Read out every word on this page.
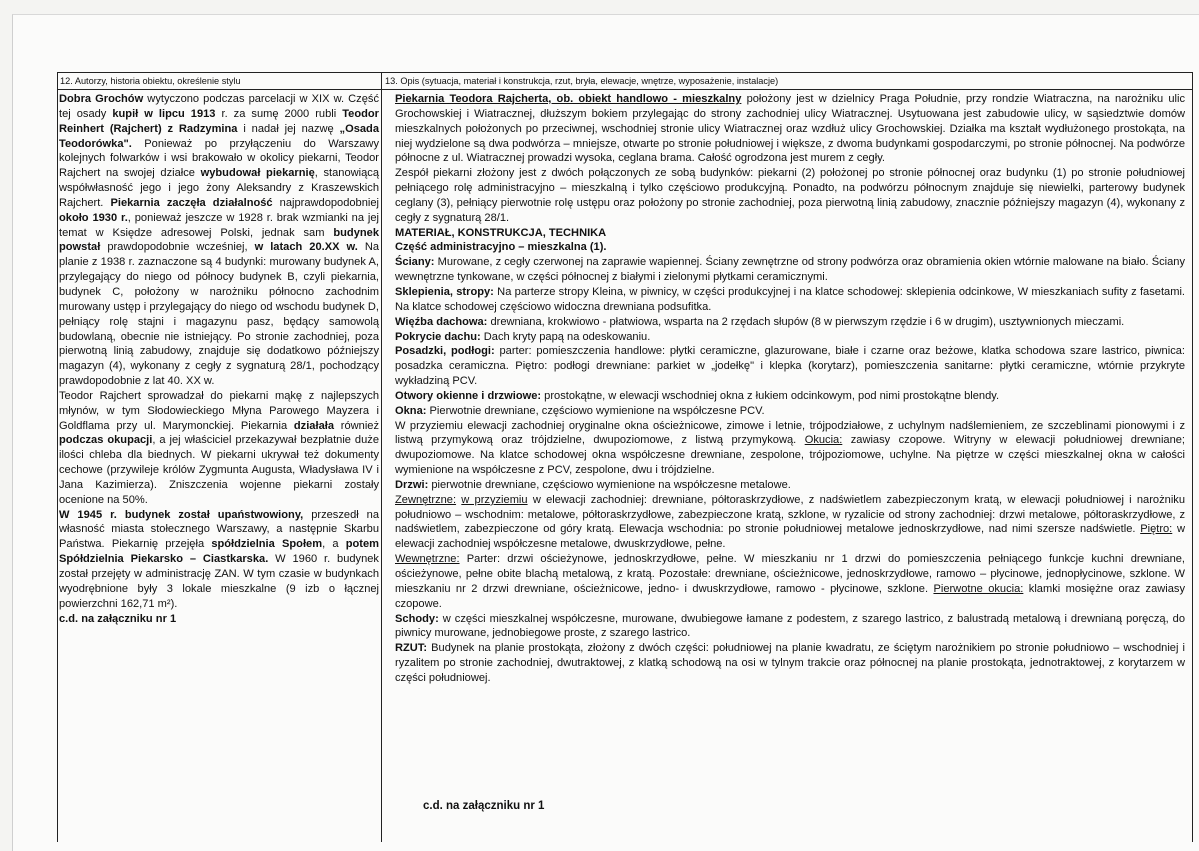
12. Autorzy, historia obiektu, określenie stylu	13. Opis (sytuacja, materiał i konstrukcja, rzut, bryła, elewacje, wnętrze, wyposażenie, instalacje)

Dobra Grochów wytyczono podczas parcelacji w XIX w. Część tej osady kupił w lipcu 1913 r. za sumę 2000 rubli Teodor Reinhert (Rajchert) z Radzymina i nadał jej nazwę „Osada Teodorówka". Ponieważ po przyłączeniu do Warszawy kolejnych folwarków i wsi brakowało w okolicy piekarni, Teodor Rajchert na swojej działce wybudował piekarnię, stanowiącą współwłasność jego i jego żony Aleksandry z Kraszewskich Rajchert. Piekarnia zaczęła działalność najprawdopodobniej około 1930 r., ponieważ jeszcze w 1928 r. brak wzmianki na jej temat w Księdze adresowej Polski, jednak sam budynek powstał prawdopodobnie wcześniej, w latach 20.XX w. Na planie z 1938 r. zaznaczone są 4 budynki: murowany budynek A, przylegający do niego od północy budynek B, czyli piekarnia, budynek C, położony w narożniku północno zachodnim murowany ustęp i przylegający do niego od wschodu budynek D, pełniący rolę stajni i magazynu pasz, będący samowolą budowlaną, obecnie nie istniejący. Po stronie zachodniej, poza pierwotną linią zabudowy, znajduje się dodatkowo późniejszy magazyn (4), wykonany z cegły z sygnaturą 28/1, pochodzący prawdopodobnie z lat 40. XX w.

Teodor Rajchert sprowadzał do piekarni mąkę z najlepszych młynów, w tym Słodowieckiego Młyna Parowego Mayzera i Goldflama przy ul. Marymonckiej. Piekarnia działała również podczas okupacji, a jej właściciel przekazywał bezpłatnie duże ilości chleba dla biednych. W piekarni ukrywał też dokumenty cechowe (przywileje królów Zygmunta Augusta, Władysława IV i Jana Kazimierza). Zniszczenia wojenne piekarni zostały ocenione na 50%.

W 1945 r. budynek został upaństwowiony, przeszedł na własność miasta stołecznego Warszawy, a następnie Skarbu Państwa. Piekarnię przejęła spółdzielnia Społem, a potem Spółdzielnia Piekarsko – Ciastkarska. W 1960 r. budynek został przejęty w administrację ZAN. W tym czasie w budynkach wyodrębnione były 3 lokale mieszkalne (9 izb o łącznej powierzchni 162,71 m²).

c.d. na załączniku nr 1

Piekarnia Teodora Rajcherta, ob. obiekt handlowo - mieszkalny położony jest w dzielnicy Praga Południe, przy rondzie Wiatraczna, na narożniku ulic Grochowskiej i Wiatracznej, dłuższym bokiem przylegając do strony zachodniej ulicy Wiatracznej. Usytuowana jest zabudowie ulicy, w sąsiedztwie domów mieszkalnych położonych po przeciwnej, wschodniej stronie ulicy Wiatracznej oraz wzdłuż ulicy Grochowskiej. Działka ma kształt wydłużonego prostokąta, na niej wydzielone są dwa podwórza – mniejsze, otwarte po stronie południowej i większe, z dwoma budynkami gospodarczymi, po stronie północnej. Na podwórze północne z ul. Wiatracznej prowadzi wysoka, ceglana brama. Całość ogrodzona jest murem z cegły.

Zespół piekarni złożony jest z dwóch połączonych ze sobą budynków: piekarni (2) położonej po stronie północnej oraz budynku (1) po stronie południowej pełniącego rolę administracyjno – mieszkalną i tylko częściowo produkcyjną. Ponadto, na podwórzu północnym znajduje się niewielki, parterowy budynek ceglany (3), pełniący pierwotnie rolę ustępu oraz położony po stronie zachodniej, poza pierwotną linią zabudowy, znacznie późniejszy magazyn (4), wykonany z cegły z sygnaturą 28/1.

MATERIAŁ, KONSTRUKCJA, TECHNIKA

Część administracyjno – mieszkalna (1).

Ściany: Murowane, z cegły czerwonej na zaprawie wapiennej. Ściany zewnętrzne od strony podwórza oraz obramienia okien wtórnie malowane na biało. Ściany wewnętrzne tynkowane, w części północnej z białymi i zielonymi płytkami ceramicznymi.

Sklepienia, stropy: Na parterze stropy Kleina, w piwnicy, w części produkcyjnej i na klatce schodowej: sklepienia odcinkowe, W mieszkaniach sufity z fasetami. Na klatce schodowej częściowo widoczna drewniana podsufitka.

Więźba dachowa: drewniana, krokwiowo - płatwiowa, wsparta na 2 rzędach słupów (8 w pierwszym rzędzie i 6 w drugim), usztywnionych mieczami.

Pokrycie dachu: Dach kryty papą na odeskowaniu.

Posadzki, podłogi: parter: pomieszczenia handlowe: płytki ceramiczne, glazurowane, białe i czarne oraz beżowe, klatka schodowa szare lastrico, piwnica: posadzka ceramiczna. Piętro: podłogi drewniane: parkiet w „jodełkę" i klepka (korytarz), pomieszczenia sanitarne: płytki ceramiczne, wtórnie przykryte wykładziną PCV.

Otwory okienne i drzwiowe: prostokątne, w elewacji wschodniej okna z łukiem odcinkowym, pod nimi prostokątne blendy.

Okna: Pierwotnie drewniane, częściowo wymienione na współczesne PCV.

W przyziemiu elewacji zachodniej oryginalne okna ościeżnicowe, zimowe i letnie, trójpodziałowe, z uchylnym nadślemieniem, ze szczeblinami pionowymi i z listwą przymykową oraz trójdzielne, dwupoziomowe, z listwą przymykową. Okucia: zawiasy czopowe. Witryny w elewacji południowej drewniane; dwupoziomowe. Na klatce schodowej okna współczesne drewniane, zespolone, trójpoziomowe, uchylne. Na piętrze w części mieszkalnej okna w całości wymienione na współczesne z PCV, zespolone, dwu i trójdzielne.

Drzwi: pierwotnie drewniane, częściowo wymienione na współczesne metalowe.

Zewnętrzne: w przyziemiu w elewacji zachodniej: drewniane, półtoraskrzydłowe, z nadświetlem zabezpieczonym kratą, w elewacji południowej i narożniku południowo – wschodnim: metalowe, półtoraskrzydłowe, zabezpieczone kratą, szklone, w ryzalicie od strony zachodniej: drzwi metalowe, półtoraskrzydłowe, z nadświetlem, zabezpieczone od góry kratą. Elewacja wschodnia: po stronie południowej metalowe jednoskrzydłowe, nad nimi szersze nadświetle. Piętro: w elewacji zachodniej współczesne metalowe, dwuskrzydłowe, pełne.

Wewnętrzne: Parter: drzwi ościeżynowe, jednoskrzydłowe, pełne. W mieszkaniu nr 1 drzwi do pomieszczenia pełniącego funkcje kuchni drewniane, ościeżynowe, pełne obite blachą metalową, z kratą. Pozostałe: drewniane, ościeżnicowe, jednoskrzydłowe, ramowo – płycinowe, jednopłycinowe, szklone. W mieszkaniu nr 2 drzwi drewniane, ościeżnicowe, jedno- i dwuskrzydłowe, ramowo - płycinowe, szklone. Pierwotne okucia: klamki mosiężne oraz zawiasy czopowe.

Schody: w części mieszkalnej współczesne, murowane, dwubiegowe łamane z podestem, z szarego lastrico, z balustradą metalową i drewnianą poręczą, do piwnicy murowane, jednobiegowe proste, z szarego lastrico.

RZUT: Budynek na planie prostokąta, złożony z dwóch części: południowej na planie kwadratu, ze ściętym narożnikiem po stronie południowo – wschodniej i ryzalitem po stronie zachodniej, dwutraktowej, z klatką schodową na osi w tylnym trakcie oraz północnej na planie prostokąta, jednotraktowej, z korytarzem w części południowej.

c.d. na załączniku nr 1
